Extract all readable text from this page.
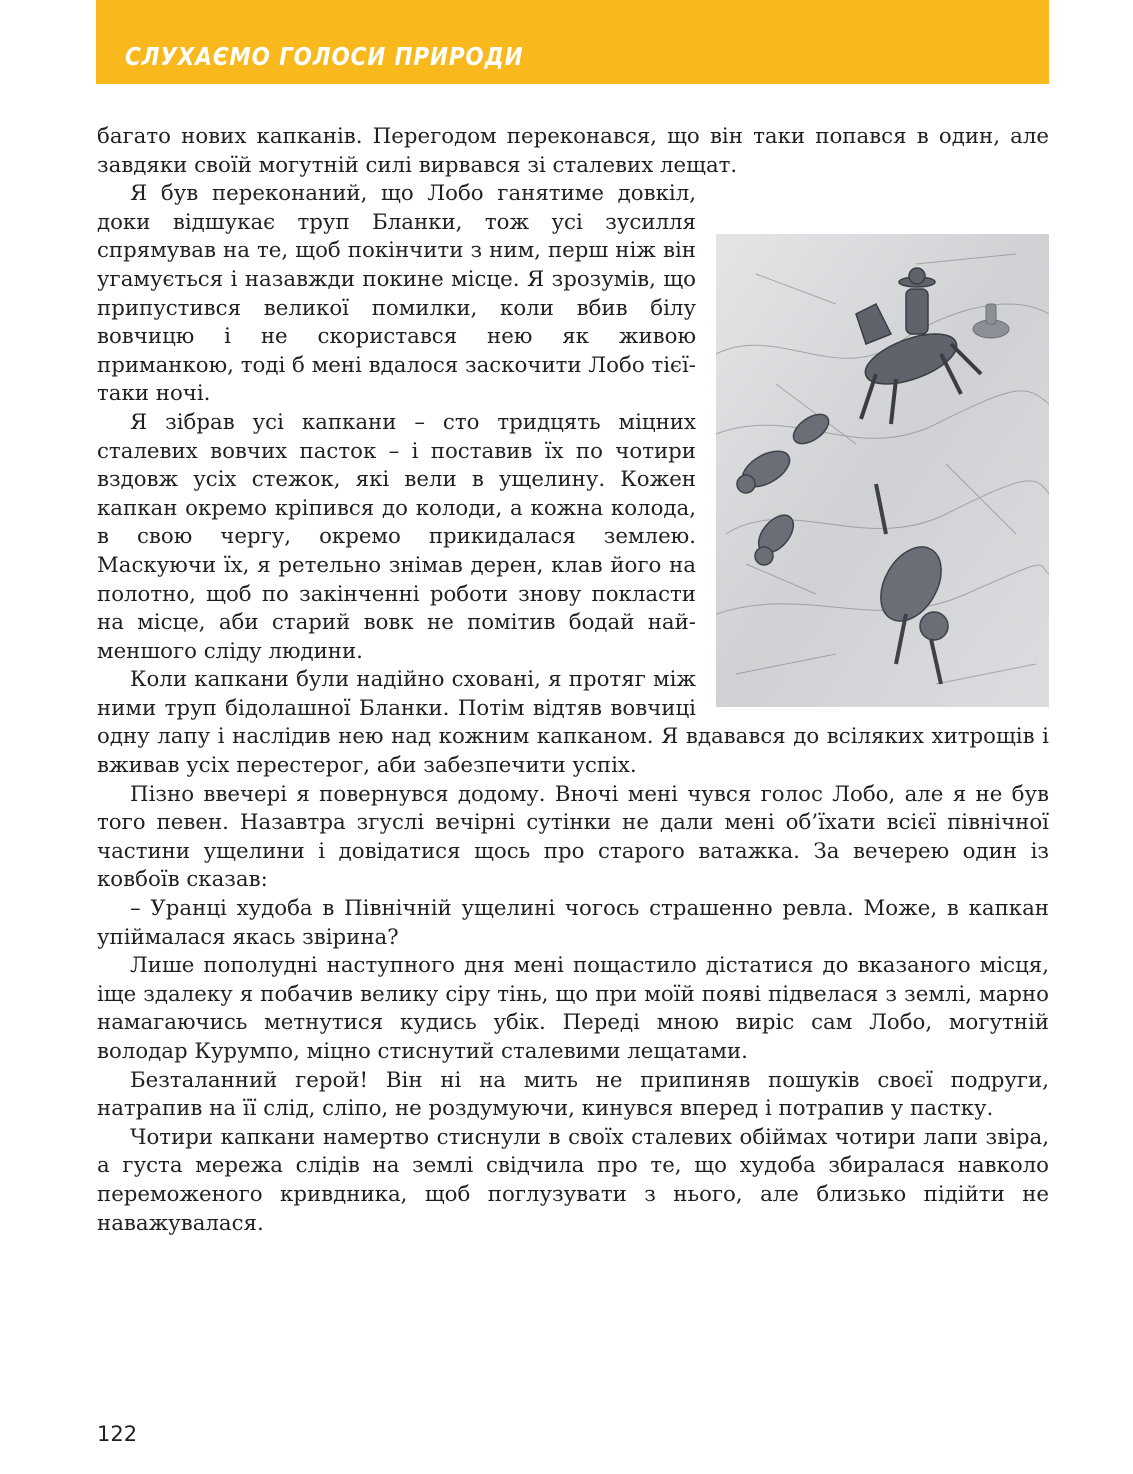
СЛУХАЄМО ГОЛОСИ ПРИРОДИ

багато нових капканів. Перегодом переконався, що він таки попався в один, але завдяки своїй могутній силі вирвався зі сталевих лещат.

Я був переконаний, що Лобо ганятиме довкіл, доки відшукає труп Бланки, тож усі зусилля спрямував на те, щоб покінчити з ним, перш ніж він угамується і назавжди покине місце. Я зрозумів, що припустився великої помилки, коли вбив білу вовчицю і не скористався нею як живою приманкою, тоді б мені вдалося заскочити Лобо тієї-таки ночі.

Я зібрав усі капкани – сто тридцять міцних сталевих вовчих пасток – і поставив їх по чотири вздовж усіх стежок, які вели в ущелину. Кожен капкан окремо кріпився до колоди, а кожна колода, в свою чергу, окремо прикидалася землею. Маскуючи їх, я ретельно знімав дерен, клав його на полотно, щоб по закінченні роботи знову покласти на місце, аби старий вовк не помітив бодай найменшого сліду людини.

Коли капкани були надійно сховані, я протяг між ними труп бідолашної Бланки. Потім відтяв вовчиці одну лапу і наслідив нею над кожним капканом. Я вдавався до всіляких хитрощів і вживав усіх перестерог, аби забезпечити успіх.

Пізно ввечері я повернувся додому. Вночі мені чувся голос Лобо, але я не був того певен. Назавтра згуслі вечірні сутінки не дали мені об’їхати всієї північної частини ущелини і довідатися щось про старого ватажка. За вечерею один із ковбоїв сказав:

– Уранці худоба в Північній ущелині чогось страшенно ревла. Може, в капкан упіймалася якась звірина?

Лише пополудні наступного дня мені пощастило дістатися до вказаного місця, іще здалеку я побачив велику сіру тінь, що при моїй появі підвелася з землі, марно намагаючись метнутися кудись убік. Переді мною виріс сам Лобо, могутній володар Курумпо, міцно стиснутий сталевими лещатами.

Безталанний герой! Він ні на мить не припиняв пошуків своєї подруги, натрапив на її слід, сліпо, не роздумуючи, кинувся вперед і потрапив у пастку.

Чотири капкани намертво стиснули в своїх сталевих обіймах чотири лапи звіра, а густа мережа слідів на землі свідчила про те, що худоба збиралася навколо переможеного кривдника, щоб поглузувати з нього, але близько підійти не наважувалася.

122
